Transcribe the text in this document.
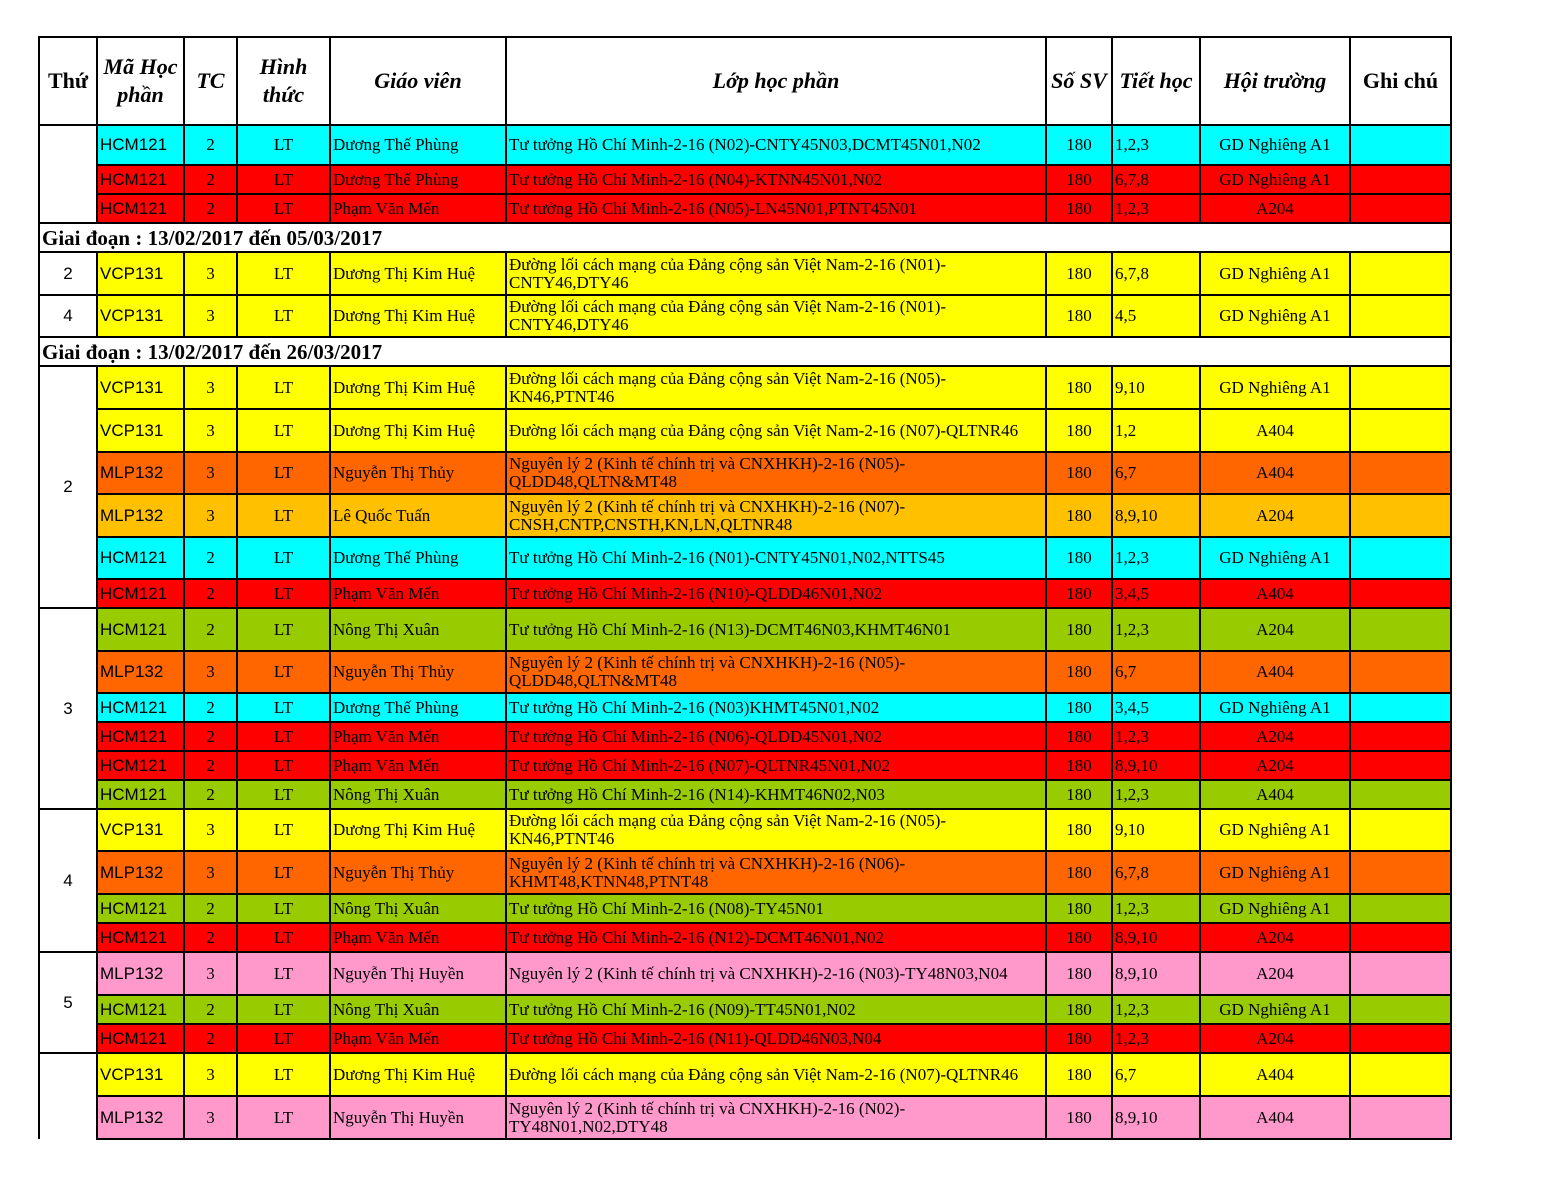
Thứ	Mã Học phần	TC	Hình thức	Giáo viên	Lớp học phần	Số SV	Tiết học	Hội trường	Ghi chú
	HCM121	2	LT	Dương Thế Phùng	Tư tưởng Hồ Chí Minh-2-16 (N02)-CNTY45N03,DCMT45N01,N02	180	1,2,3	GD Nghiêng A1	
	HCM121	2	LT	Dương Thế Phùng	Tư tưởng Hồ Chí Minh-2-16 (N04)-KTNN45N01,N02	180	6,7,8	GD Nghiêng A1	
	HCM121	2	LT	Phạm Văn Mến	Tư tưởng Hồ Chí Minh-2-16 (N05)-LN45N01,PTNT45N01	180	1,2,3	A204	
Giai đoạn : 13/02/2017 đến 05/03/2017									
2	VCP131	3	LT	Dương Thị Kim Huệ	Đường lối cách mạng của Đảng cộng sản Việt Nam-2-16 (N01)-CNTY46,DTY46	180	6,7,8	GD Nghiêng A1	
4	VCP131	3	LT	Dương Thị Kim Huệ	Đường lối cách mạng của Đảng cộng sản Việt Nam-2-16 (N01)-CNTY46,DTY46	180	4,5	GD Nghiêng A1	
Giai đoạn : 13/02/2017 đến 26/03/2017									
2	VCP131	3	LT	Dương Thị Kim Huệ	Đường lối cách mạng của Đảng cộng sản Việt Nam-2-16 (N05)-KN46,PTNT46	180	9,10	GD Nghiêng A1	
	VCP131	3	LT	Dương Thị Kim Huệ	Đường lối cách mạng của Đảng cộng sản Việt Nam-2-16 (N07)-QLTNR46	180	1,2	A404	
	MLP132	3	LT	Nguyễn Thị Thủy	Nguyên lý 2 (Kinh tế chính trị và CNXHKH)-2-16 (N05)-QLDD48,QLTN&MT48	180	6,7	A404	
	MLP132	3	LT	Lê Quốc Tuấn	Nguyên lý 2 (Kinh tế chính trị và CNXHKH)-2-16 (N07)-CNSH,CNTP,CNSTH,KN,LN,QLTNR48	180	8,9,10	A204	
	HCM121	2	LT	Dương Thế Phùng	Tư tưởng Hồ Chí Minh-2-16 (N01)-CNTY45N01,N02,NTTS45	180	1,2,3	GD Nghiêng A1	
	HCM121	2	LT	Phạm Văn Mến	Tư tưởng Hồ Chí Minh-2-16 (N10)-QLDD46N01,N02	180	3,4,5	A404	
3	HCM121	2	LT	Nông Thị Xuân	Tư tưởng Hồ Chí Minh-2-16 (N13)-DCMT46N03,KHMT46N01	180	1,2,3	A204	
	MLP132	3	LT	Nguyễn Thị Thủy	Nguyên lý 2 (Kinh tế chính trị và CNXHKH)-2-16 (N05)-QLDD48,QLTN&MT48	180	6,7	A404	
	HCM121	2	LT	Dương Thế Phùng	Tư tưởng Hồ Chí Minh-2-16 (N03)KHMT45N01,N02	180	3,4,5	GD Nghiêng A1	
	HCM121	2	LT	Phạm Văn Mến	Tư tưởng Hồ Chí Minh-2-16 (N06)-QLDD45N01,N02	180	1,2,3	A204	
	HCM121	2	LT	Phạm Văn Mến	Tư tưởng Hồ Chí Minh-2-16 (N07)-QLTNR45N01,N02	180	8,9,10	A204	
	HCM121	2	LT	Nông Thị Xuân	Tư tưởng Hồ Chí Minh-2-16 (N14)-KHMT46N02,N03	180	1,2,3	A404	
4	VCP131	3	LT	Dương Thị Kim Huệ	Đường lối cách mạng của Đảng cộng sản Việt Nam-2-16 (N05)-KN46,PTNT46	180	9,10	GD Nghiêng A1	
	MLP132	3	LT	Nguyễn Thị Thủy	Nguyên lý 2 (Kinh tế chính trị và CNXHKH)-2-16 (N06)-KHMT48,KTNN48,PTNT48	180	6,7,8	GD Nghiêng A1	
	HCM121	2	LT	Nông Thị Xuân	Tư tưởng Hồ Chí Minh-2-16 (N08)-TY45N01	180	1,2,3	GD Nghiêng A1	
	HCM121	2	LT	Phạm Văn Mến	Tư tưởng Hồ Chí Minh-2-16 (N12)-DCMT46N01,N02	180	8,9,10	A204	
5	MLP132	3	LT	Nguyễn Thị Huyền	Nguyên lý 2 (Kinh tế chính trị và CNXHKH)-2-16 (N03)-TY48N03,N04	180	8,9,10	A204	
	HCM121	2	LT	Nông Thị Xuân	Tư tưởng Hồ Chí Minh-2-16 (N09)-TT45N01,N02	180	1,2,3	GD Nghiêng A1	
	HCM121	2	LT	Phạm Văn Mến	Tư tưởng Hồ Chí Minh-2-16 (N11)-QLDD46N03,N04	180	1,2,3	A204	
	VCP131	3	LT	Dương Thị Kim Huệ	Đường lối cách mạng của Đảng cộng sản Việt Nam-2-16 (N07)-QLTNR46	180	6,7	A404	
	MLP132	3	LT	Nguyễn Thị Huyền	Nguyên lý 2 (Kinh tế chính trị và CNXHKH)-2-16 (N02)-TY48N01,N02,DTY48	180	8,9,10	A404	
